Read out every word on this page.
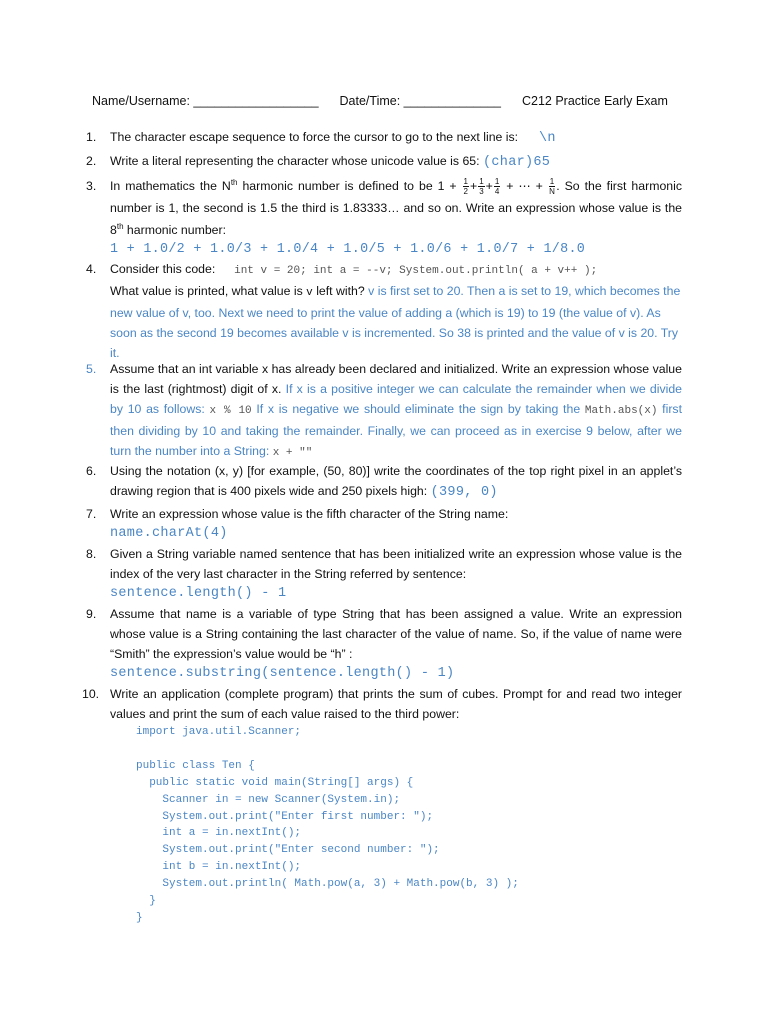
Name/Username: __________________ Date/Time: ______________ C212 Practice Early Exam
1. The character escape sequence to force the cursor to go to the next line is: \n
2. Write a literal representing the character whose unicode value is 65: (char)65
3. In mathematics the $N^{th}$ harmonic number is defined to be $1 + \frac{1}{2} + \frac{1}{3} + \frac{1}{4}$ + ⋯ + $\frac{1}{N}$ . So the first harmonic number is 1, the second is 1.5 the third is 1.83333… and so on. Write an expression whose value is the 8th harmonic number:
1 + 1.0/2 + 1.0/3 + 1.0/4 + 1.0/5 + 1.0/6 + 1.0/7 + 1/8.0
4. Consider this code: int v = 20; int a = --v; System.out.println( a + v++ );
What value is printed, what value is v left with? v is first set to 20. Then a is set to 19, which becomes the new value of v, too. Next we need to print the value of adding a (which is 19) to 19 (the value of v). As soon as the second 19 becomes available v is incremented. So 38 is printed and the value of v is 20. Try it.
5. Assume that an int variable x has already been declared and initialized. Write an expression whose value is the last (rightmost) digit of x. If x is a positive integer we can calculate the remainder when we divide by 10 as follows: x % 10 If x is negative we should eliminate the sign by taking the Math.abs(x) first then dividing by 10 and taking the remainder. Finally, we can proceed as in exercise 9 below, after we turn the number into a String: x + ""
6. Using the notation (x, y) [for example, (50, 80)] write the coordinates of the top right pixel in an applet’s drawing region that is 400 pixels wide and 250 pixels high: (399, 0)
7. Write an expression whose value is the fifth character of the String name:
name.charAt(4)
8. Given a String variable named sentence that has been initialized write an expression whose value is the index of the very last character in the String referred by sentence:
sentence.length() - 1
9. Assume that name is a variable of type String that has been assigned a value. Write an expression whose value is a String containing the last character of the value of name. So, if the value of name were “Smith” the expression’s value would be “h” :
sentence.substring(sentence.length() - 1)
10. Write an application (complete program) that prints the sum of cubes. Prompt for and read two integer values and print the sum of each value raised to the third power:
import java.util.Scanner;

public class Ten {
public static void main(String[] args) {
Scanner in = new Scanner(System.in);
System.out.print("Enter first number: ");
int a = in.nextInt();
System.out.print("Enter second number: ");
int b = in.nextInt();
System.out.println( Math.pow(a, 3) + Math.pow(b, 3) );
}
}
